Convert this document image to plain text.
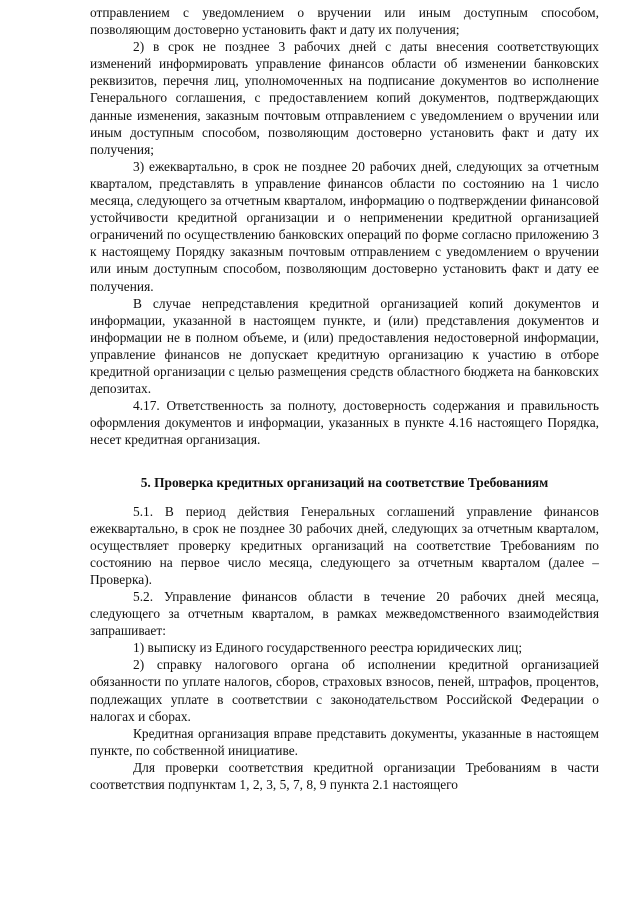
отправлением с уведомлением о вручении или иным доступным способом, позволяющим достоверно установить факт и дату их получения;

2) в срок не позднее 3 рабочих дней с даты внесения соответствующих изменений информировать управление финансов области об изменении банковских реквизитов, перечня лиц, уполномоченных на подписание документов во исполнение Генерального соглашения, с предоставлением копий документов, подтверждающих данные изменения, заказным почтовым отправлением с уведомлением о вручении или иным доступным способом, позволяющим достоверно установить факт и дату их получения;

3) ежеквартально, в срок не позднее 20 рабочих дней, следующих за отчетным кварталом, представлять в управление финансов области по состоянию на 1 число месяца, следующего за отчетным кварталом, информацию о подтверждении финансовой устойчивости кредитной организации и о неприменении кредитной организацией ограничений по осуществлению банковских операций по форме согласно приложению 3 к настоящему Порядку заказным почтовым отправлением с уведомлением о вручении или иным доступным способом, позволяющим достоверно установить факт и дату ее получения.

В случае непредставления кредитной организацией копий документов и информации, указанной в настоящем пункте, и (или) представления документов и информации не в полном объеме, и (или) предоставления недостоверной информации, управление финансов не допускает кредитную организацию к участию в отборе кредитной организации с целью размещения средств областного бюджета на банковских депозитах.

4.17. Ответственность за полноту, достоверность содержания и правильность оформления документов и информации, указанных в пункте 4.16 настоящего Порядка, несет кредитная организация.

5. Проверка кредитных организаций на соответствие Требованиям

5.1. В период действия Генеральных соглашений управление финансов ежеквартально, в срок не позднее 30 рабочих дней, следующих за отчетным кварталом, осуществляет проверку кредитных организаций на соответствие Требованиям по состоянию на первое число месяца, следующего за отчетным кварталом (далее – Проверка).

5.2. Управление финансов области в течение 20 рабочих дней месяца, следующего за отчетным кварталом, в рамках межведомственного взаимодействия запрашивает:

1) выписку из Единого государственного реестра юридических лиц;

2) справку налогового органа об исполнении кредитной организацией обязанности по уплате налогов, сборов, страховых взносов, пеней, штрафов, процентов, подлежащих уплате в соответствии с законодательством Российской Федерации о налогах и сборах.

Кредитная организация вправе представить документы, указанные в настоящем пункте, по собственной инициативе.

Для проверки соответствия кредитной организации Требованиям в части соответствия подпунктам 1, 2, 3, 5, 7, 8, 9 пункта 2.1 настоящего
